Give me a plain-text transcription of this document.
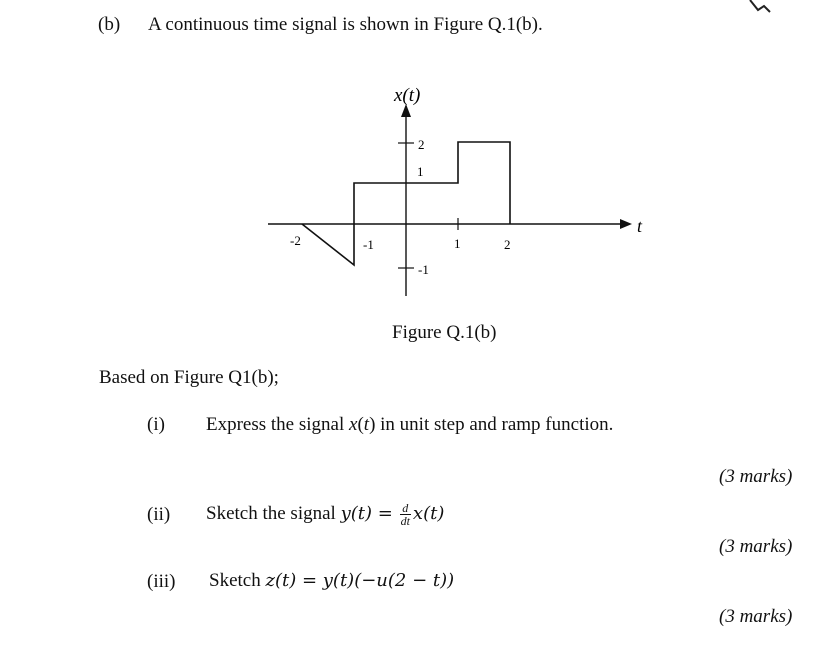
(b) A continuous time signal is shown in Figure Q.1(b).
x(t)
t
2
1
-1
-2	-1	1	2
Figure Q.1(b)
Based on Figure Q1(b);
(i) Express the signal x(t) in unit step and ramp function.
(3 marks)
(ii) Sketch the signal $y(t) = \frac{d}{dt} x(t)$
(3 marks)
(iii) Sketch z(t) = y(t)(−u(2 − t))
(3 marks)
